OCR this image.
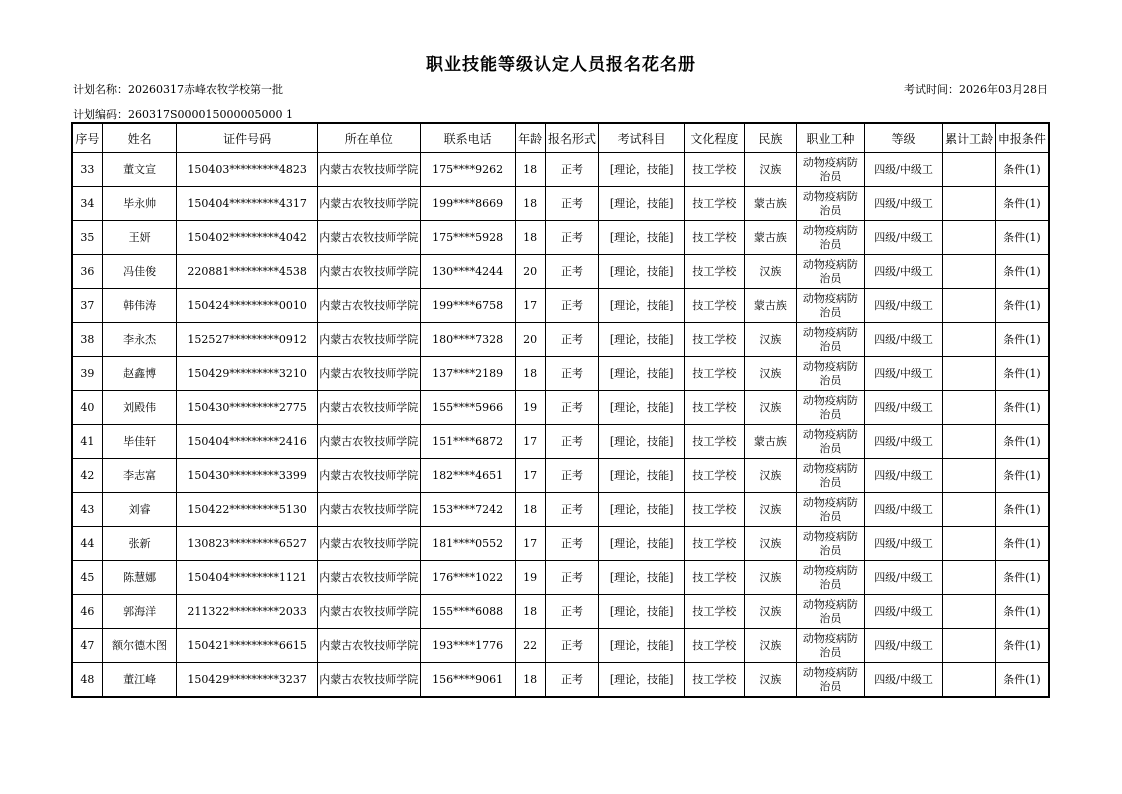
职业技能等级认定人员报名花名册
计划名称：20260317赤峰农牧学校第一批	考试时间：2026年03月28日
计划编码：260317S000015000005000 1
序号	姓名	证件号码	所在单位	联系电话	年龄	报名形式	考试科目	文化程度	民族	职业工种	等级	累计工龄	申报条件
33	董文宣	150403*********4823	内蒙古农牧技师学院	175****9262	18	正考	[理论，技能]	技工学校	汉族	动物疫病防治员	四级/中级工		条件(1)
34	毕永帅	150404*********4317	内蒙古农牧技师学院	199****8669	18	正考	[理论，技能]	技工学校	蒙古族	动物疫病防治员	四级/中级工		条件(1)
35	王妍	150402*********4042	内蒙古农牧技师学院	175****5928	18	正考	[理论，技能]	技工学校	蒙古族	动物疫病防治员	四级/中级工		条件(1)
36	冯佳俊	220881*********4538	内蒙古农牧技师学院	130****4244	20	正考	[理论，技能]	技工学校	汉族	动物疫病防治员	四级/中级工		条件(1)
37	韩伟涛	150424*********0010	内蒙古农牧技师学院	199****6758	17	正考	[理论，技能]	技工学校	蒙古族	动物疫病防治员	四级/中级工		条件(1)
38	李永杰	152527*********0912	内蒙古农牧技师学院	180****7328	20	正考	[理论，技能]	技工学校	汉族	动物疫病防治员	四级/中级工		条件(1)
39	赵鑫博	150429*********3210	内蒙古农牧技师学院	137****2189	18	正考	[理论，技能]	技工学校	汉族	动物疫病防治员	四级/中级工		条件(1)
40	刘殿伟	150430*********2775	内蒙古农牧技师学院	155****5966	19	正考	[理论，技能]	技工学校	汉族	动物疫病防治员	四级/中级工		条件(1)
41	毕佳轩	150404*********2416	内蒙古农牧技师学院	151****6872	17	正考	[理论，技能]	技工学校	蒙古族	动物疫病防治员	四级/中级工		条件(1)
42	李志富	150430*********3399	内蒙古农牧技师学院	182****4651	17	正考	[理论，技能]	技工学校	汉族	动物疫病防治员	四级/中级工		条件(1)
43	刘睿	150422*********5130	内蒙古农牧技师学院	153****7242	18	正考	[理论，技能]	技工学校	汉族	动物疫病防治员	四级/中级工		条件(1)
44	张新	130823*********6527	内蒙古农牧技师学院	181****0552	17	正考	[理论，技能]	技工学校	汉族	动物疫病防治员	四级/中级工		条件(1)
45	陈慧娜	150404*********1121	内蒙古农牧技师学院	176****1022	19	正考	[理论，技能]	技工学校	汉族	动物疫病防治员	四级/中级工		条件(1)
46	郭海洋	211322*********2033	内蒙古农牧技师学院	155****6088	18	正考	[理论，技能]	技工学校	汉族	动物疫病防治员	四级/中级工		条件(1)
47	额尔德木图	150421*********6615	内蒙古农牧技师学院	193****1776	22	正考	[理论，技能]	技工学校	汉族	动物疫病防治员	四级/中级工		条件(1)
48	董江峰	150429*********3237	内蒙古农牧技师学院	156****9061	18	正考	[理论，技能]	技工学校	汉族	动物疫病防治员	四级/中级工		条件(1)
